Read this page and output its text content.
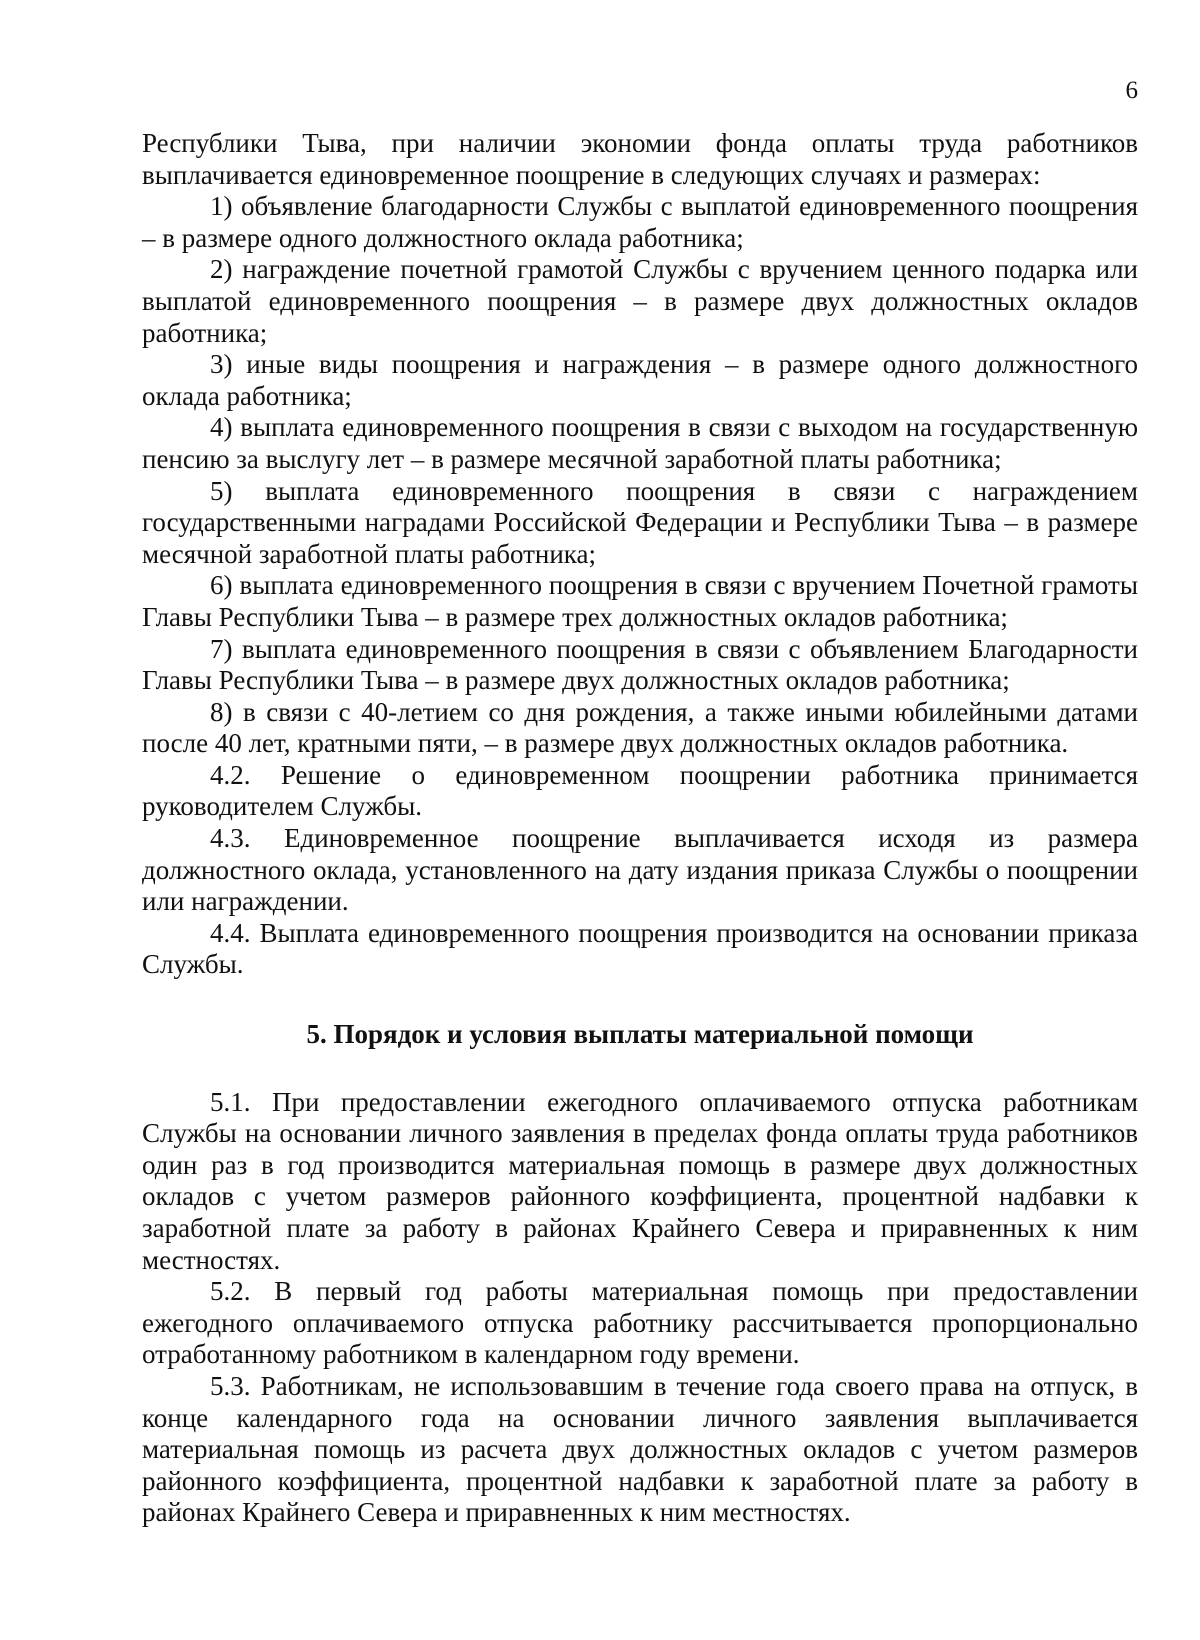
6

Республики Тыва, при наличии экономии фонда оплаты труда работников выплачивается единовременное поощрение в следующих случаях и размерах:

1) объявление благодарности Службы с выплатой единовременного поощрения – в размере одного должностного оклада работника;

2) награждение почетной грамотой Службы с вручением ценного подарка или выплатой единовременного поощрения – в размере двух должностных окладов работника;

3) иные виды поощрения и награждения – в размере одного должностного оклада работника;

4) выплата единовременного поощрения в связи с выходом на государственную пенсию за выслугу лет – в размере месячной заработной платы работника;

5) выплата единовременного поощрения в связи с награждением государственными наградами Российской Федерации и Республики Тыва – в размере месячной заработной платы работника;

6) выплата единовременного поощрения в связи с вручением Почетной грамоты Главы Республики Тыва – в размере трех должностных окладов работника;

7) выплата единовременного поощрения в связи с объявлением Благодарности Главы Республики Тыва – в размере двух должностных окладов работника;

8) в связи с 40-летием со дня рождения, а также иными юбилейными датами после 40 лет, кратными пяти, – в размере двух должностных окладов работника.

4.2. Решение о единовременном поощрении работника принимается руководителем Службы.

4.3. Единовременное поощрение выплачивается исходя из размера должностного оклада, установленного на дату издания приказа Службы о поощрении или награждении.

4.4. Выплата единовременного поощрения производится на основании приказа Службы.

5. Порядок и условия выплаты материальной помощи

5.1. При предоставлении ежегодного оплачиваемого отпуска работникам Службы на основании личного заявления в пределах фонда оплаты труда работников один раз в год производится материальная помощь в размере двух должностных окладов с учетом размеров районного коэффициента, процентной надбавки к заработной плате за работу в районах Крайнего Севера и приравненных к ним местностях.

5.2. В первый год работы материальная помощь при предоставлении ежегодного оплачиваемого отпуска работнику рассчитывается пропорционально отработанному работником в календарном году времени.

5.3. Работникам, не использовавшим в течение года своего права на отпуск, в конце календарного года на основании личного заявления выплачивается материальная помощь из расчета двух должностных окладов с учетом размеров районного коэффициента, процентной надбавки к заработной плате за работу в районах Крайнего Севера и приравненных к ним местностях.
